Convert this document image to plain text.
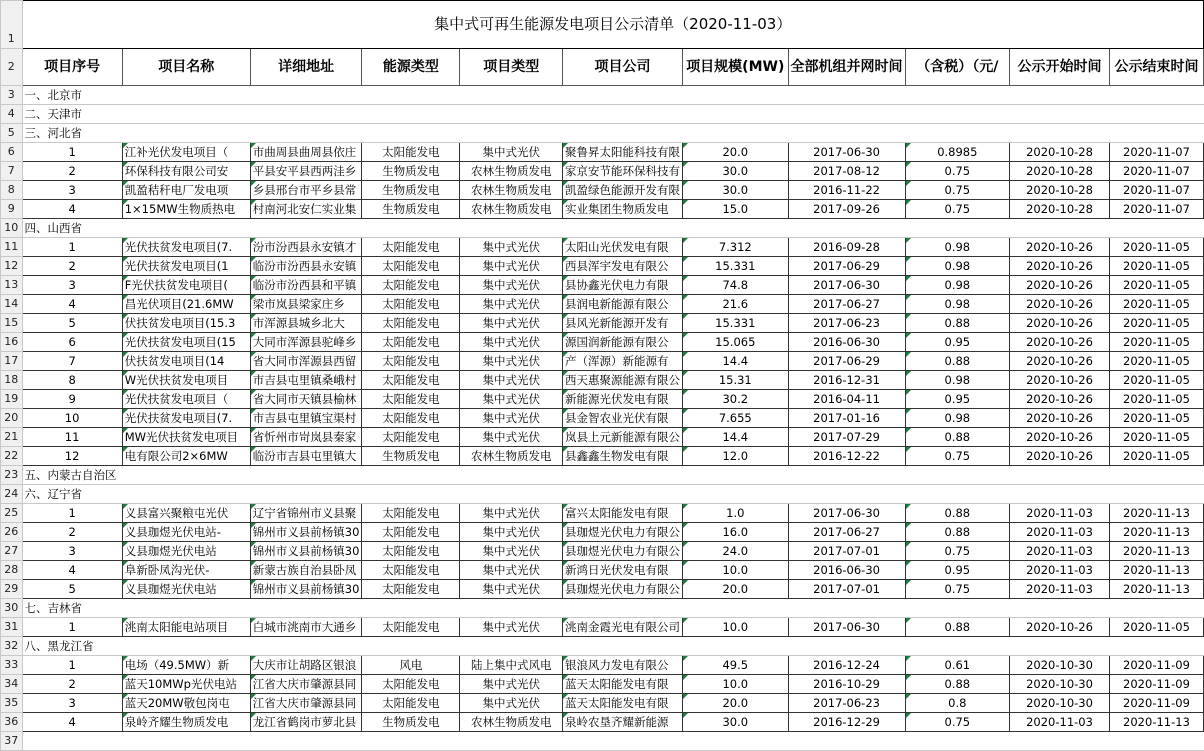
1	集中式可再生能源发电项目公示清单（2020-11-03）										
2	项目序号	项目名称	详细地址	能源类型	项目类型	项目公司	项目规模(MW)	全部机组并网时间	（含税）（元/	公示开始时间	公示结束时间
3	一、北京市										
4	二、天津市										
5	三、河北省										
6	1	江补光伏发电项目（	市曲周县曲周县依庄	太阳能发电	集中式光伏	聚鲁昇太阳能科技有限	20.0	2017-06-30	0.8985	2020-10-28	2020-11-07
7	2	环保科技有限公司安	平县安平县西两洼乡	生物质发电	农林生物质发电	家京安节能环保科技有	30.0	2017-08-12	0.75	2020-10-28	2020-11-07
8	3	凯盈秸秆电厂发电项	乡县邢台市平乡县常	生物质发电	农林生物质发电	凯盈绿色能源开发有限	30.0	2016-11-22	0.75	2020-10-28	2020-11-07
9	4	1×15MW生物质热电	村南河北安仁实业集	生物质发电	农林生物质发电	实业集团生物质发电	15.0	2017-09-26	0.75	2020-10-28	2020-11-07
10	四、山西省										
11	1	光伏扶贫发电项目(7.	汾市汾西县永安镇才	太阳能发电	集中式光伏	太阳山光伏发电有限	7.312	2016-09-28	0.98	2020-10-26	2020-11-05
12	2	光伏扶贫发电项目(1	临汾市汾西县永安镇	太阳能发电	集中式光伏	西县浑宇发电有限公	15.331	2017-06-29	0.98	2020-10-26	2020-11-05
13	3	F光伏扶贫发电项目(	临汾市汾西县和平镇	太阳能发电	集中式光伏	县协鑫光伏电力有限	74.8	2017-06-30	0.98	2020-10-26	2020-11-05
14	4	昌光伏项目(21.6MW	梁市岚县梁家庄乡	太阳能发电	集中式光伏	县润电新能源有限公	21.6	2017-06-27	0.98	2020-10-26	2020-11-05
15	5	伏扶贫发电项目(15.3	市浑源县城乡北大	太阳能发电	集中式光伏	县风光新能源开发有	15.331	2017-06-23	0.88	2020-10-26	2020-11-05
16	6	光伏扶贫发电项目(15	大同市浑源县驼峰乡	太阳能发电	集中式光伏	源国润新能源有限公	15.065	2016-06-30	0.95	2020-10-26	2020-11-05
17	7	伏扶贫发电项目(14	省大同市浑源县西留	太阳能发电	集中式光伏	产（浑源）新能源有	14.4	2017-06-29	0.88	2020-10-26	2020-11-05
18	8	W光伏扶贫发电项目	市吉县屯里镇桑峨村	太阳能发电	集中式光伏	西天惠聚源能源有限公	15.31	2016-12-31	0.98	2020-10-26	2020-11-05
19	9	光伏扶贫发电项目（	省大同市天镇县榆林	太阳能发电	集中式光伏	新能源光伏发电有限	30.2	2016-04-11	0.95	2020-10-26	2020-11-05
20	10	光伏扶贫发电项目(7.	市吉县屯里镇宝渠村	太阳能发电	集中式光伏	县金智农业光伏有限	7.655	2017-01-16	0.98	2020-10-26	2020-11-05
21	11	MW光伏扶贫发电项目	省忻州市岢岚县秦家	太阳能发电	集中式光伏	岚县上元新能源有限公	14.4	2017-07-29	0.88	2020-10-26	2020-11-05
22	12	电有限公司2×6MW	临汾市吉县屯里镇大	生物质发电	农林生物质发电	县鑫鑫生物发电有限	12.0	2016-12-22	0.75	2020-10-26	2020-11-05
23	五、内蒙古自治区										
24	六、辽宁省										
25	1	义县富兴聚粮屯光伏	辽宁省锦州市义县聚	太阳能发电	集中式光伏	富兴太阳能发电有限	1.0	2017-06-30	0.88	2020-11-03	2020-11-13
26	2	义县珈煜光伏电站-	锦州市义县前杨镇30	太阳能发电	集中式光伏	县珈煜光伏电力有限公	16.0	2017-06-27	0.88	2020-11-03	2020-11-13
27	3	义县珈煜光伏电站	锦州市义县前杨镇30	太阳能发电	集中式光伏	县珈煜光伏电力有限公	24.0	2017-07-01	0.75	2020-11-03	2020-11-13
28	4	阜新卧凤沟光伏-	新蒙古族自治县卧凤	太阳能发电	集中式光伏	新鸿日光伏发电有限	10.0	2016-06-30	0.95	2020-11-03	2020-11-13
29	5	义县珈煜光伏电站	锦州市义县前杨镇30	太阳能发电	集中式光伏	县珈煜光伏电力有限公	20.0	2017-07-01	0.75	2020-11-03	2020-11-13
30	七、吉林省										
31	1	洮南太阳能电站项目	白城市洮南市大通乡	太阳能发电	集中式光伏	洮南金霞光电有限公司	10.0	2017-06-30	0.88	2020-10-26	2020-11-05
32	八、黑龙江省										
33	1	电场（49.5MW）新	大庆市让胡路区银浪	风电	陆上集中式风电	银浪风力发电有限公	49.5	2016-12-24	0.61	2020-10-30	2020-11-09
34	2	蓝天10MWp光伏电站	江省大庆市肇源县同	太阳能发电	集中式光伏	蓝天太阳能发电有限	10.0	2016-10-29	0.88	2020-10-30	2020-11-09
35	3	蓝天20MW敬包岗屯	江省大庆市肇源县同	太阳能发电	集中式光伏	蓝天太阳能发电有限	20.0	2017-06-23	0.8	2020-10-30	2020-11-09
36	4	泉岭齐耀生物质发电	龙江省鹤岗市萝北县	生物质发电	农林生物质发电	泉岭农垦齐耀新能源	30.0	2016-12-29	0.75	2020-11-03	2020-11-13
37											
